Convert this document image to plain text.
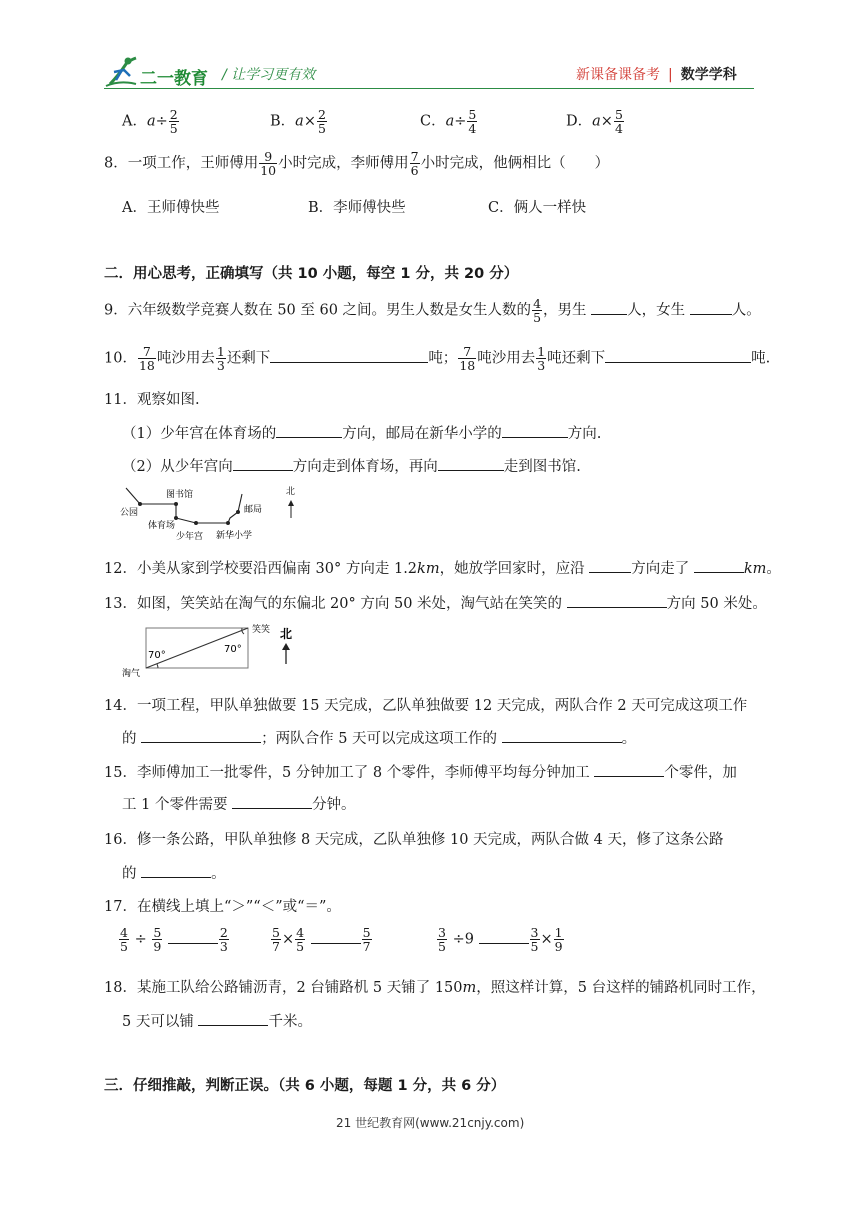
二一教育 / 让学习更有效	新课备课备考 | 数学学科
A．$a\div \frac{2}{5}$	B．$a\times \frac{2}{5}$	C．$a\div \frac{5}{4}$	D．$a\times \frac{5}{4}$
8．一项工作，王师傅用 $\frac{9}{10}$ 小时完成，李师傅用 $\frac{7}{6}$ 小时完成，他俩相比（　　）
A．王师傅快些	B．李师傅快些	C．俩人一样快
二．用心思考，正确填写（共 10 小题，每空 1 分，共 20 分）
9．六年级数学竞赛人数在 50 至 60 之间。男生人数是女生人数的 $\frac{4}{5}$ ，男生	人，女生	人。
10． $\frac{7}{18}$ 吨沙用去 $\frac{1}{3}$ 还剩下	吨； $\frac{7}{18}$ 吨沙用去 $\frac{1}{3}$ 吨还剩下	吨.
11．观察如图.
（1）少年宫在体育场的	方向，邮局在新华小学的	方向.
（2）从少年宫向	方向走到体育场，再向	走到图书馆.
图书馆
邮局
北
公园
体育场
少年宫 新华小学
12．小美从家到学校要沿西偏南 30° 方向走 1.2km，她放学回家时，应沿	方向走了	km。
13．如图，笑笑站在淘气的东偏北 20° 方向 50 米处，淘气站在笑笑的	方向 50 米处。
70°
70°
笑笑
淘气
北
14．一项工程，甲队单独做要 15 天完成，乙队单独做要 12 天完成，两队合作 2 天可完成这项工作
的	；两队合作 5 天可以完成这项工作的	。
15．李师傅加工一批零件，5 分钟加工了 8 个零件，李师傅平均每分钟加工	个零件，加
工 1 个零件需要	分钟。
16．修一条公路，甲队单独修 8 天完成，乙队单独修 10 天完成，两队合做 4 天，修了这条公路
的	。
17．在横线上填上“＞”“＜”或“＝”。
$\frac{4}{5} \div \frac{5}{9}$
	$\frac{2}{3}$	$\frac{5}{7} \times \frac{4}{5}$
	$\frac{5}{7}$	$\frac{3}{5} \div 9$	$\frac{3}{5} \times \frac{1}{9}$
18．某施工队给公路铺沥青，2 台铺路机 5 天铺了 150m，照这样计算，5 台这样的铺路机同时工作，
5 天可以铺	千米。
三．仔细推敲，判断正误。（共 6 小题，每题 1 分，共 6 分）
21 世纪教育网(www.21cnjy.com)
